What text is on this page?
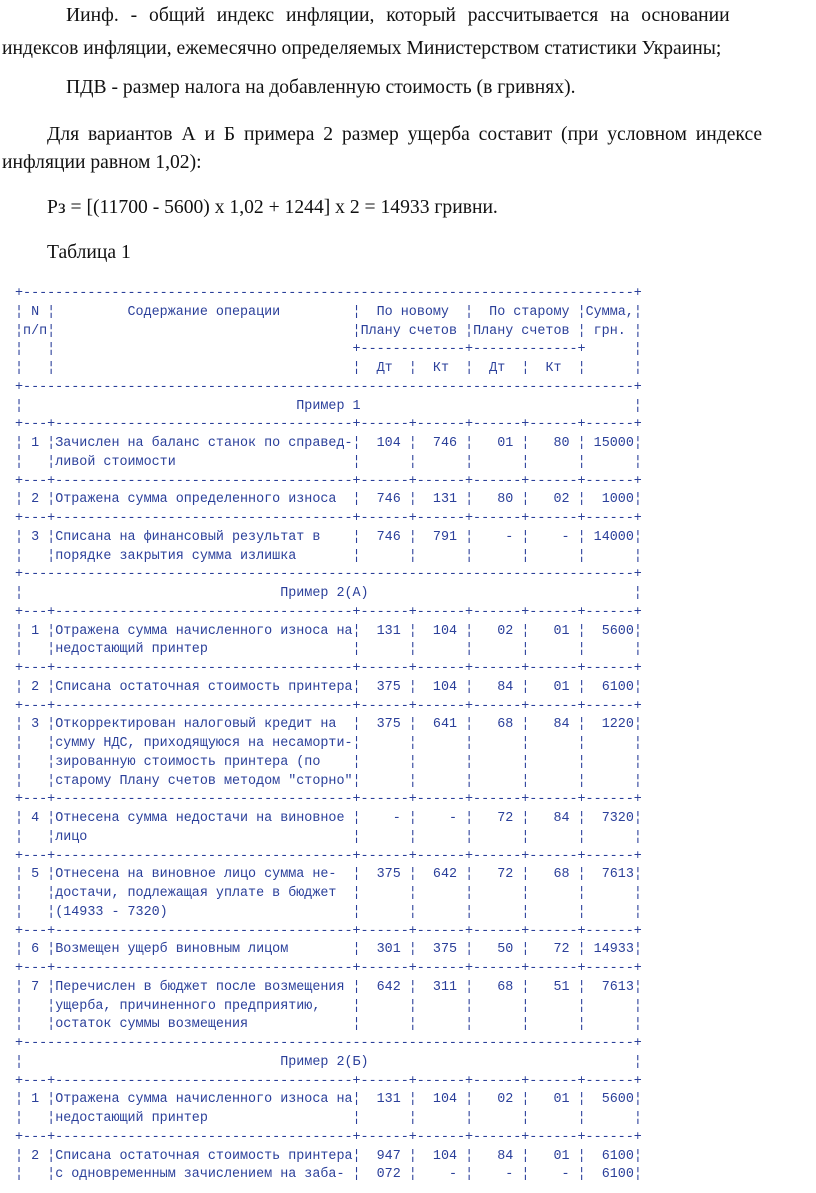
Иинф. - общий индекс инфляции, который рассчитывается на основании
индексов инфляции, ежемесячно определяемых Министерством статистики Украины;
ПДВ - размер налога на добавленную стоимость (в гривнях).
Для вариантов А и Б примера 2 размер ущерба составит (при условном индексе
инфляции равном 1,02):
Рз = [(11700 - 5600) х 1,02 + 1244] х 2 = 14933 гривни.
Таблица 1
+----------------------------------------------------------------------------+
¦ N ¦         Содержание операции         ¦  По новому  ¦  По старому ¦Сумма,¦
¦п/п¦	¦Плану счетов ¦Плану счетов ¦ грн. ¦
¦   ¦                                     +-------------+-------------+      ¦
¦ ¦	¦  Дт  ¦  Кт  ¦  Дт  ¦  Кт  ¦	¦
+----------------------------------------------------------------------------+
¦                                  Пример 1                                  ¦
+---+-------------------------------------+------+------+------+------+------+
¦ 1 ¦Зачислен на баланс станок по справед-¦  104 ¦  746 ¦   01 ¦   80 ¦ 15000¦
¦ ¦ливой стоимости                      ¦	¦	¦	¦	¦	¦
+---+-------------------------------------+------+------+------+------+------+
¦ 2 ¦Отражена сумма определенного износа  ¦  746 ¦  131 ¦   80 ¦   02 ¦  1000¦
+---+-------------------------------------+------+------+------+------+------+
¦ 3 ¦Списана на финансовый результат в    ¦  746 ¦  791 ¦    - ¦    - ¦ 14000¦
¦ ¦порядке закрытия сумма излишка       ¦	¦	¦	¦	¦	¦
+----------------------------------------------------------------------------+
¦                                Пример 2(А)                                 ¦
+---+-------------------------------------+------+------+------+------+------+
¦ 1 ¦Отражена сумма начисленного износа на¦  131 ¦  104 ¦   02 ¦   01 ¦  5600¦
¦ ¦недостающий принтер                  ¦	¦	¦	¦	¦	¦
+---+-------------------------------------+------+------+------+------+------+
¦ 2 ¦Списана остаточная стоимость принтера¦  375 ¦  104 ¦   84 ¦   01 ¦  6100¦
+---+-------------------------------------+------+------+------+------+------+
¦ 3 ¦Откорректирован налоговый кредит на  ¦  375 ¦  641 ¦   68 ¦   84 ¦  1220¦
¦ ¦сумму НДС, приходящуюся на несаморти-¦	¦	¦	¦	¦	¦
¦ ¦зированную стоимость принтера (по    ¦	¦	¦	¦	¦	¦
¦ ¦старому Плану счетов методом "сторно"¦	¦	¦	¦	¦	¦
+---+-------------------------------------+------+------+------+------+------+
¦ 4 ¦Отнесена сумма недостачи на виновное ¦    - ¦    - ¦   72 ¦   84 ¦  7320¦
¦ ¦лицо                                 ¦	¦	¦	¦	¦	¦
+---+-------------------------------------+------+------+------+------+------+
¦ 5 ¦Отнесена на виновное лицо сумма не-  ¦  375 ¦  642 ¦   72 ¦   68 ¦  7613¦
¦ ¦достачи, подлежащая уплате в бюджет  ¦	¦	¦	¦	¦	¦
¦ ¦(14933 - 7320)                       ¦	¦	¦	¦	¦	¦
+---+-------------------------------------+------+------+------+------+------+
¦ 6 ¦Возмещен ущерб виновным лицом        ¦  301 ¦  375 ¦   50 ¦   72 ¦ 14933¦
+---+-------------------------------------+------+------+------+------+------+
¦ 7 ¦Перечислен в бюджет после возмещения ¦  642 ¦  311 ¦   68 ¦   51 ¦  7613¦
¦ ¦ущерба, причиненного предприятию,    ¦	¦	¦	¦	¦	¦
¦ ¦остаток суммы возмещения             ¦	¦	¦	¦	¦	¦
+----------------------------------------------------------------------------+
¦                                Пример 2(Б)                                 ¦
+---+-------------------------------------+------+------+------+------+------+
¦ 1 ¦Отражена сумма начисленного износа на¦  131 ¦  104 ¦   02 ¦   01 ¦  5600¦
¦ ¦недостающий принтер                  ¦	¦	¦	¦	¦	¦
+---+-------------------------------------+------+------+------+------+------+
¦ 2 ¦Списана остаточная стоимость принтера¦  947 ¦  104 ¦   84 ¦   01 ¦  6100¦
¦ ¦с одновременным зачислением на заба- ¦  072 ¦    - ¦    - ¦    - ¦  6100¦
